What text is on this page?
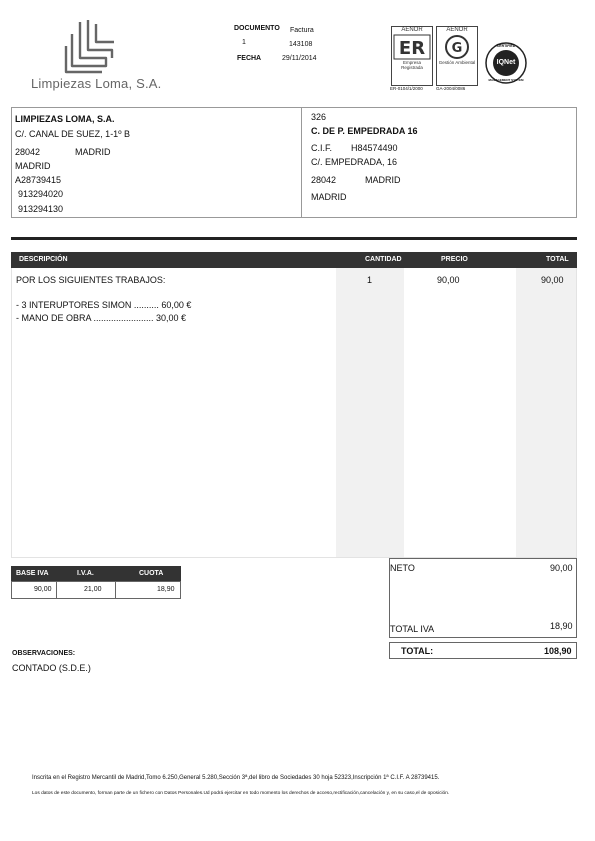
Limpiezas Loma, S.A.
DOCUMENTO Factura
1	143108
FECHA	29/11/2014
AENOR
ER
Empresa Registrada
ER-0104/1/2000
AENOR
G
Gestión Ambiental
GA-2004/0086
CERTIFIED
IQNet
MANAGEMENT SYSTEM
LIMPIEZAS LOMA, S.A.
C/. CANAL DE SUEZ, 1-1º B
28042	MADRID
MADRID
A28739415
913294020
913294130
326
C. DE P. EMPEDRADA 16
C.I.F. H84574490
C/. EMPEDRADA, 16
28042	MADRID
MADRID
DESCRIPCIÓN	CANTIDAD	PRECIO	TOTAL
POR LOS SIGUIENTES TRABAJOS:	1	90,00	90,00
- 3 INTERUPTORES SIMON .......... 60,00 €
- MANO DE OBRA ........................ 30,00 €
BASE IVA	I.V.A.	CUOTA
90,00	21,00	18,90
NETO	90,00
TOTAL IVA	18,90
TOTAL:	108,90
OBSERVACIONES:
CONTADO (S.D.E.)
Inscrita en el Registro Mercantil de Madrid,Tomo 6.250,General 5.280,Sección 3ª,del libro de Sociedades 30 hoja 52323,Inscripción 1ª C.I.F. A 28739415.
Los datos de este documento, forman parte de un fichero con Datos Personales.Ud podrá ejercitar en todo momento los derechos de acceso,rectificación,cancelación y, en su caso,el de oposición.
